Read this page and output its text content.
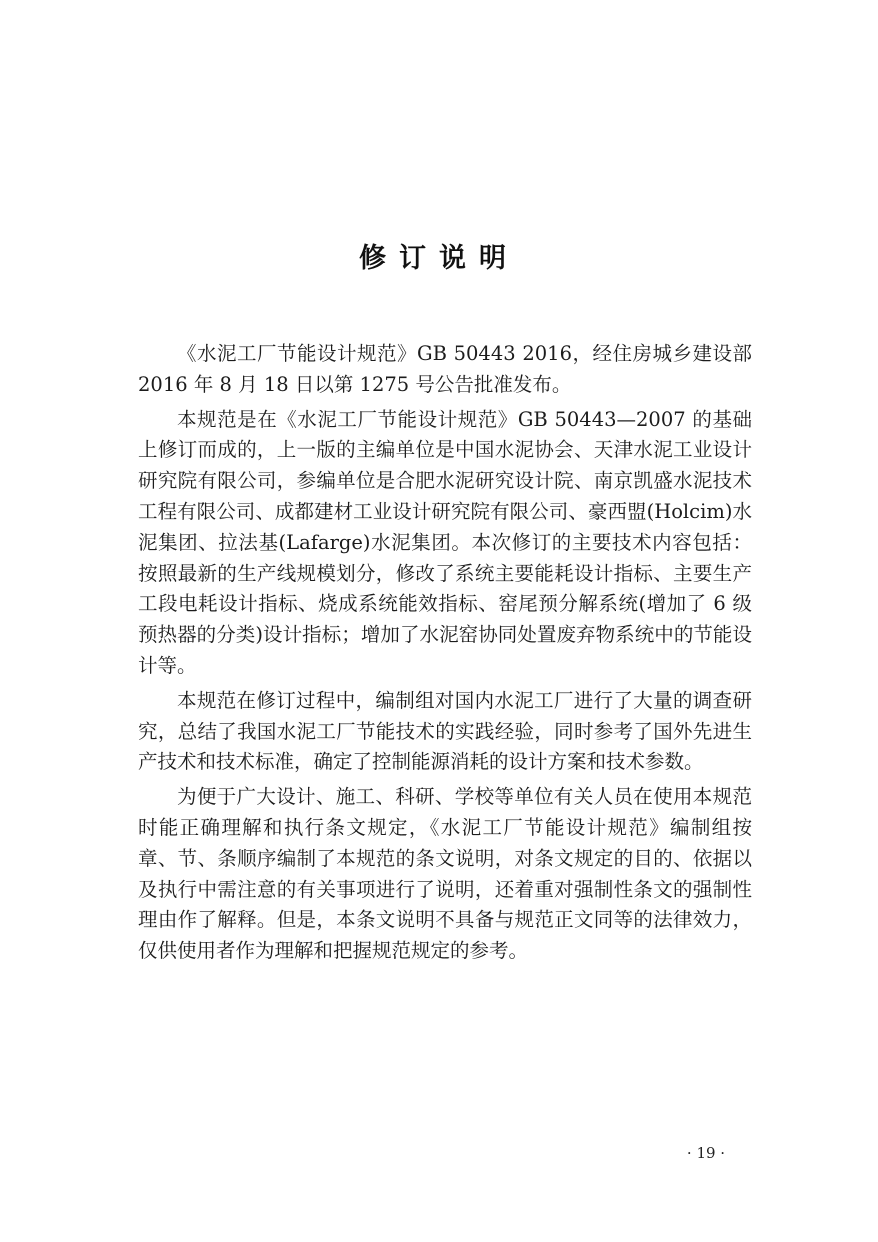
修订说明

《水泥工厂节能设计规范》GB 50443 2016，经住房城乡建设部 2016 年 8 月 18 日以第 1275 号公告批准发布。

本规范是在《水泥工厂节能设计规范》GB 50443—2007 的基础上修订而成的，上一版的主编单位是中国水泥协会、天津水泥工业设计研究院有限公司，参编单位是合肥水泥研究设计院、南京凯盛水泥技术工程有限公司、成都建材工业设计研究院有限公司、豪西盟(Holcim)水泥集团、拉法基(Lafarge)水泥集团。本次修订的主要技术内容包括：按照最新的生产线规模划分，修改了系统主要能耗设计指标、主要生产工段电耗设计指标、烧成系统能效指标、窑尾预分解系统(增加了 6 级预热器的分类)设计指标；增加了水泥窑协同处置废弃物系统中的节能设计等。

本规范在修订过程中，编制组对国内水泥工厂进行了大量的调查研究，总结了我国水泥工厂节能技术的实践经验，同时参考了国外先进生产技术和技术标准，确定了控制能源消耗的设计方案和技术参数。

为便于广大设计、施工、科研、学校等单位有关人员在使用本规范时能正确理解和执行条文规定，《水泥工厂节能设计规范》编制组按章、节、条顺序编制了本规范的条文说明，对条文规定的目的、依据以及执行中需注意的有关事项进行了说明，还着重对强制性条文的强制性理由作了解释。但是，本条文说明不具备与规范正文同等的法律效力，仅供使用者作为理解和把握规范规定的参考。

· 19 ·
